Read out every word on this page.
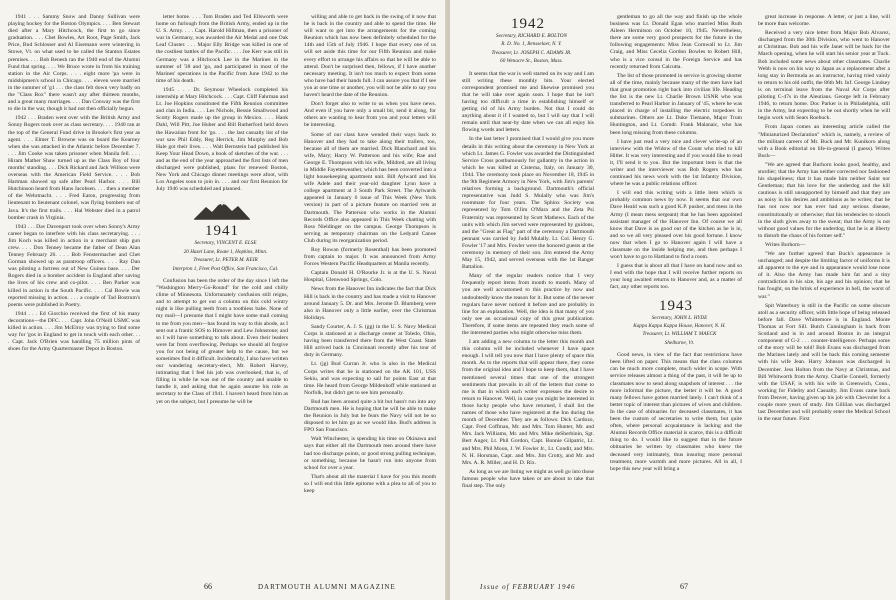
1941 . . . Sammy Snow and Danny Sullivan were playing hockey for the Boston Olympics. . . . Ben Stewart died after a Mary Hitchcock, the first to go since graduation. . . . Chet Bowles, Art Root, Page Smith, Jack Price, Bud Schlosser and Al Eisemann were wintering in Stowe, Vt. on what used to be called the Stanton Estates premises. . . . Bob Benesh ran the 1940 end of the Alumni Fund that spring. . . . We Bruce wrote in from his training station in the Air Corps. . . . eight more 'pa were in midshipmen's school in Chicago. . . . eleven were married in the summer of 'g1 . . . the class felt down very badly on the "Class Box" there wasn't any after thirteen months, and a great many marriages. . . . Dan Conway was the first to die in the war, though it had not then officially begun.

1942 . . . Braden went over with the British Army and Sonny Rogers took over as class secretary. . . . 1940 ran at the top of the General Fund drive in Brooke's first year as agent. . . . Elmer T. Browne was on board the Kearney when she was attacked in the Atlantic before December 7. . . . Jim Cooke was taken prisoner when Manila fell. . . . Hiram Mather Shaw turned up as the Class Boy of four months' standing. . . . Dick Rickard and Jack Willson were overseas with the American Field Service. . . . Bob Hartman showed up safe after Pearl Harbor. . . . Bill Hutchinson heard from Hans Jacobsen. . . . then a member of the Wehrmacht. . . . Fred Eaton, progressing from lieutenant to lieutenant colonel, was flying bombers out of Java. It's the first trails. . . . Hal Webster died in a patrol bomber crash in Virginia.

1943 . . . Dav Davenport took over when Sonny's Army career began to interfere with his class secretarying. . . . Jim Koch was killed in action in a merchant ship gun crew. . . . Don Tenney became the father of Dean Alan Tenney February 26. . . . Bob Fenstermacher and Chet Gorman showed up as paratroop officers. . . . Ray Dan was piloting a fortress out of New Guinea base. . . . Der Rogers died in a bomber accident in England after saving the lives of his crew and co-pilot. . . . Ben Parker was killed in action in the South Pacific. . . . Cal Bowie was reported missing in action. . . . a couple of Tad Bostrum's poems were published in Poetry.

1944 . . . Ed Giorchio received the first of his many decorations—the DFC. . . . Capt. John O'Neill USMC was killed in action. . . . Jim McElroy was trying to find some way for 'gos in England to get in touch with each other. . . . Capt. Jack O'Brien was handling 75 million pints of shoes for the Army Quartermaster Depot in Boston.

letter home. . . . Tom Braden and Ted Ellsworth were home on furlough from the British Army, ended up in the U. S. Army. . . . Capt. Harold Hillman, then a prisoner of war in Germany, was awarded the Air Medal and one Oak Leaf Cluster. . . . Major Elly Bridge was killed in one of the costliest battles of the Pacific. . . . Joe Kerr was still in Germany was a Hitchcock Lee in the Marines in the summer of '38 and 'go, and participated in most of the Marines' operations in the Pacific from June 1942 to the time of his death.

1945 . . . Dr. Seymour Wheelock completed his internship at Mary Hitchcock. . . . Capt. Cliff Fahrman and Lt. Joe Hopkins constituted the Fifth Reunion committee and clan in India. . . . Les Nichols, Bessie Smallwood and Scotty Rogers made up the group in Mexico. . . . Hank Dahl, Will Pitt, Joe Huber and Bill Rutherford held down the Hawaiian front for 'go. . . . the last casualty list of the war saw Phil Eddy, Reg Herrick, Jim Murphy and Bob Hale got their lives. . . . Walt Bernstein had published his Keep Your Head Down, a book of sketches of the war. . . . and as the end of the year approached the first lists of men discharged were published, plans for renewed Boston, New York and Chicago dinner meetings were afoot, with Los Angeles soon to join in. . . . and our first Reunion for July 1946 was scheduled and planned.

1941

Secretary, VINCENT E. ELSE

20 Hazel Lane, Route 1, Hopkins, Minn.

Treasurer, Lt. PETER M. KEIR

Interpron 1, Fleet Post Office, San Francisco, Cal.

Confusion has been the order of the day since I left the "Washington Merry-Go-Round" for the cold and chilly clime of Minnesota. Unfortunately confusion still reigns, and to attempt to get out a column on this cold wintry night is like pulling teeth from a toothless babe. None of my mail—I presume that I might have some mail coming to me from you men—has found its way to this abode, as I sent out a frantic SOS to Himover and Lew Johnstone; and so I will have something to talk about. Even their leaders were far from overflowing. Perhaps we should all forgive you for not being of greater help to the cause, but we sometimes find it difficult. Incidentally, I also have written our wandering secretary-elect, Mr. Robert Harvey, intimating that I feel his job was overlooked, that is, of filling in while he was out of the country and unable to handle it, and asking that he again assume his role as secretary to the Class of 1941. I haven't heard from him as yet on the subject, but I presume he will be

willing and able to get back in the swing of it now that he is back in the country and able to spend the time. He will want to get into the arrangements for the coming Reunion which has now been definitely scheduled for the 14th and 15th of July 1946. I hope that every one of us will set aside this time for our Fifth Reunion and make every effort to arrange his affairs so that he will be able to attend. Don't be surprised then, fellows, if I have another necessary meeting. It isn't too much to expect from some who have had their hands full. I can assure you that if I see you at one time or another, you will not be able to say you haven't heard the date of the Reunion.

Don't forget also to write to us when you have news. And even if you have only a small bit, send it along, for others are wanting to hear from you and your letters will be interesting.

Some of our class have wended their ways back to Hanover and they had to take along their trailers, too, because all of them are married. Dick Blanchard and his wife, Mary; Harry W. Patterson and his wife; Rae and George E. Thompson with his wife, Mildred, are all living in Middle Fayetteweather, which has been converted into a light housekeeping apartment unit. Bill Aylward and his wife Adele and their year-old daughter Lynn have a college apartment at 3 South Park Street. The Aylwards appeared in January 6 issue of This Week (New York version) in part of a picture feature on married vets at Dartmouth. The Patterson who works in the Alumni Records Office also appeared in This Week chatting with Ross Nieldinger on the campus. George Thompson is serving as temporary chairman on the Ledyard Canoe Club during its reorganization period.

Roy Rowan (formerly Rosenthal) has been promoted from captain to major. It was announced from Army Forces Western Pacific Headquarters at Manila recently.

Captain Donald H. O'Rourke Jr. is at the U. S. Naval Hospital, Glenwood Springs, Colo.

News from the Hanover Inn indicates the fact that Dick Hill is back in the country and has made a visit to Hanover around January 5. Dr. and Mrs. Jerome D. Blumberg were also in Hanover only a little earlier, over the Christmas Holidays.

Sandy Courter, A. J. S. (gg) in the U. S. Navy Medical Corps is stationed at a discharge center at Toledo, Ohio, having been transferred there from the West Coast. State Hill arrived back in Cincinnati recently after his tour of duty in Germany.

Lt. (jg) Bud Curran Jr. who is also in the Medical Corps writes that he is stationed on the AK 101, USS Sekiu, and was expecting to sail for points East at that time. He heard from George Mildenhoff while stationed at Norfolk, but didn't get to see him personally.

Bud has been around quite a bit but hasn't run into any Dartmouth men. He is hoping that he will be able to make the Reunion in July but he fears the Navy will not be so disposed to let him go as we would like. Bud's address is FPO San Francisco.

Walt Winchester, is spending his time on Okinawa and says that either all the Dartmouth men around there have had too discharge points, or good strong pulling technique, or something, because he hasn't run into anyone from school for over a year.

That's about all the material I have for you this month so I will end this little epitome with a plea to all of you to keep

66	DARTMOUTH ALUMNI MAGAZINE
1942

Secretary, RICHARD E. BOLTON

R. D. No. 1, Rensselaer, N. Y.

Treasurer, Lt. JOSEPH C. ADAMS JR.

60 Wenacre St., Boston, Mass.

It seems that the war is well started on its way and I am still writing these monthly bits. Your elected correspondent promised me and likewise promised you that he will take over again soon. I hope that he isn't having too difficult a time in establishing himself or getting rid of his Army burden. Not that I could do anything about it if I wanted to, but I will say that I will remain until that near-by date when we can all enjoy his flowing words and letters.

In the last letter I promised that I would give you more details in this writing about the ceremony in New York at which Lt. James G. Fowler was awarded the Distinguished Service Cross posthumously for gallantry in the action in which he was killed at Cisterna, Italy, on January 30, 1944. The ceremony took place on November 18, 1945 in the 9th Regiment Armory in New York, with Jim's parents' relatives forming a background. Dartmouth's official representative was Judd S. Mulally who was Jim's roommate for four years. The Sphinx Society was represented by Tom O'Jim O'Mara and the Zeta Psi Fraternity was represented by Scott Mathews. Each of the units with which Jim served were represented by guidons, and the "Great as Flag" part of the ceremony a Dartmouth pennant was carried by Judd Mulally. Lt. Col. Henry G. Fowler '17 and Mrs. Fowler were the honored guests at the ceremony in memory of their son. Jim entered the Army May 15, 1942, and served overseas with the 1st Ranger Battalion.

Many of the regular readers notice that I very frequently report items from month to month. Many of you are well accustomed to this practice by now and undoubtedly know the reason for it. But some of the newer regulars have never noticed it before and are probably in line for an explanation. Well, the idea is that many of you only see an occasional copy of this great publication. Therefore, if some items are repeated they reach some of the interested parties who might otherwise miss them.

I am adding a new column to the letter this month and this column will be included whenever I have space enough. I will tell you now that I have plenty of space this month. As to the reports that will appear there, they come from the original idea and I hope to keep them, that I have mentioned several times that one of the strongest sentiments that prevails in all of the letters that come to me is that in which each writer expresses the desire to return to Hanover. Well, in case you might be interested in those lucky people who have returned, I shall list the names of those who have registered at the Inn during the month of December. They are as follows: Dick Cardozo, Capt. Fred Coffman, Mr. and Mrs. Tom Hunter, Mr. and Mrs. Jack Williams, Mr. and Mrs. Mike deSherbinin, Sgt. Bert Auger, Lt. Phil Gordon, Capt. Bonnie Gilpatric, Lt. and Mrs. Phil Moon, J. W. Fowler Jr., Lt. Condit, and Mrs. N. H. Horsman, Capt. and Mrs. Jim Crotty, and Mr. and Mrs. A. R. Miller, and H. D. Rix.

As long as we are listing we might as well go into those famous people who have taken or are about to take that final step. The only

gentleman to go all the way and finish up the whole business was Lt. Donald Egan who married Miss Ruth Aileen Hermitson on October 10, 1945. Nevertheless, there are some very good prospects for the future in the following engagements: Miss Jean Cornwall to Lt. Jim Craig, and Miss Cecelia Gordon Bowles to Robert Hill, who is a vice consul in the Foreign Service and has recently returned from Calcutta.

The list of those promoted in service is growing shorter all of the time, mainly because many of the men have had that great promotion right back into civilian life. Heading the list is the new Lt. Charlie Brown USNR who was transferred to Pearl Harbor in January of '45, where he was placed in charge of installing the electric torpedoes in submarines. Others are Lt. Duke Tiemann, Major Trum Huntington, and Lt. Comdr. Frank Malanaic, who has been long missing from these columns.

I have just read a very nice and clever write-up of an interview with the Widow of the Count who tried to kill Hitler. It was very interesting and if you would like to read it, I'll send it to you. But the important item is that the writer and the interviewer was Bob Rogers who has continued his news work with the 1st Infantry Division, where he was a public relations officer.

I will end this writing with a little item which is probably common news by now. It seems that our own Dave Heald was such a good K.P. pusher, and mess in the Army (I mean mess sergeant) that he has been appointed assistant manager of the Hanover Inn. Of course we all know that Dave is as good out of the kitchen as he is in, and so we all very pleased over his good fortune. I know now that when I go to Hanover again I will have a classmate on the inside helping me, and then perhaps I won't have to go to Hartland to find a room.

I guess that is about all that I have on hand now and so I end with the hope that I will receive further reports on your long awaited returns to Hanover and, as a matter of fact, any other reports too.

1943

Secretary, JOHN L. HYDE

Kappa Kappa Kappa House, Hanover, N. H.

Treasurer, Lt. WILLIAM T. MAECK

Shelburne, Vt.

Good news, in view of the fact that restrictions have been lifted on paper. This means that the class columns can be much more complete, much wider in scope. With service releases almost a thing of the past, it will be up to classmates now to send along snapshots of interest . . . the more informal the picture, the better it will be. A good many fellows have gotten married lately. I can't think of a better topic of interest than pictures of wives and children. In the case of obituaries for deceased classmates, it has been the custom of secretaries to write them, but quite often, where personal acquaintance is lacking and the Alumni Records Office material is scarce, this is a difficult thing to do. I would like to suggest that in the future obituaries be written by classmates who knew the deceased very intimately, thus insuring more personal treatment, more warmth and more pictures. All in all, I hope this new year will bring a

great increase in response. A letter, or just a line, will be more than welcome.

Received a very nice letter from Major Bob Alvarez, discharged from the 30th Division, who went to Hanover at Christmas. Bob and his wife Janet will be back for the March opening, when he will start his senior year at Tuck. Bob included some news about other classmates. Charlie Webb is now on his way to Japan as a replacement after a long stay in Bermuda as an instructor, having tried vainly to return to his old outfit, the 86th Mt. Inf. George Lindsey is on terminal leave from the Naval Air Corps after piloting C-47s in the Aleutians. George left in February 1946, to return home. Doc Parker is in Philadelphia, still in the Army, but expecting to be out shortly when he will begin work with Sears Roebuck.

From Japan comes an interesting article called the "Miniaturized Declaration" which is, namely, a review of the militant careers of Mr. Buck and Mr. Kunikoro along with a Book editorial on life-in-general (I guess). Writes Buck—

"We are agreed that Burhorn looks good, healthy, and sturdier; that the Army has neither corrected nor fashioned his shapeliness; that it has made him neither Saint nor Gentleman; that his love for the underdog and the kill cautious is still unsupported by himself and that they are as noisy in his desires and ambitions as he writes; that he has not now nor has ever had any serious disease, constitutionally or otherwise; that his tendencies to slouch in the sloth gives away to the sweat; that the Army is not without good values for the underdog, that he is at liberty to disturb the chaos of his former self."

Writes Burhorn—

"We are further agreed that Buck's appearance is unchanged; and despite the limiting factor of uniforms it is all apparent to the eye and in appearance would lose none of it. Also the Army has made him fat and a tiny contradiction in his size, his age and his opinion; that he has fought, on the brink of experience in hell, the worst of war."

Spit Waterbury is still in the Pacific on some obscure atoll as a security officer, with little hope of being released before fall. Dave Whittemore is in England. Monte Thomas at Fort Sill. Butch Cunningham is back from Scotland and is in and around Boston in an integral component of G-2 . . . counter-intelligence. Perhaps some of the story will be told! Bob Evans was discharged from the Marines lately and will be back this coming semester with his wife Jean. Harry Johnson was discharged in December. Jess Holton from the Navy at Christmas, and Bill Whitworth from the Army. Charlie Connell, formerly with the USAF, is with his wife in Greenwich, Conn., working for Fidelity and Casualty. Jim Evans came back from Denver, having given up his job with Chevrolet for a couple more years of study. Jim Gillilan was discharged last December and will probably enter the Medical School in the near future. First

Issue of FEBRUARY 1946	67
